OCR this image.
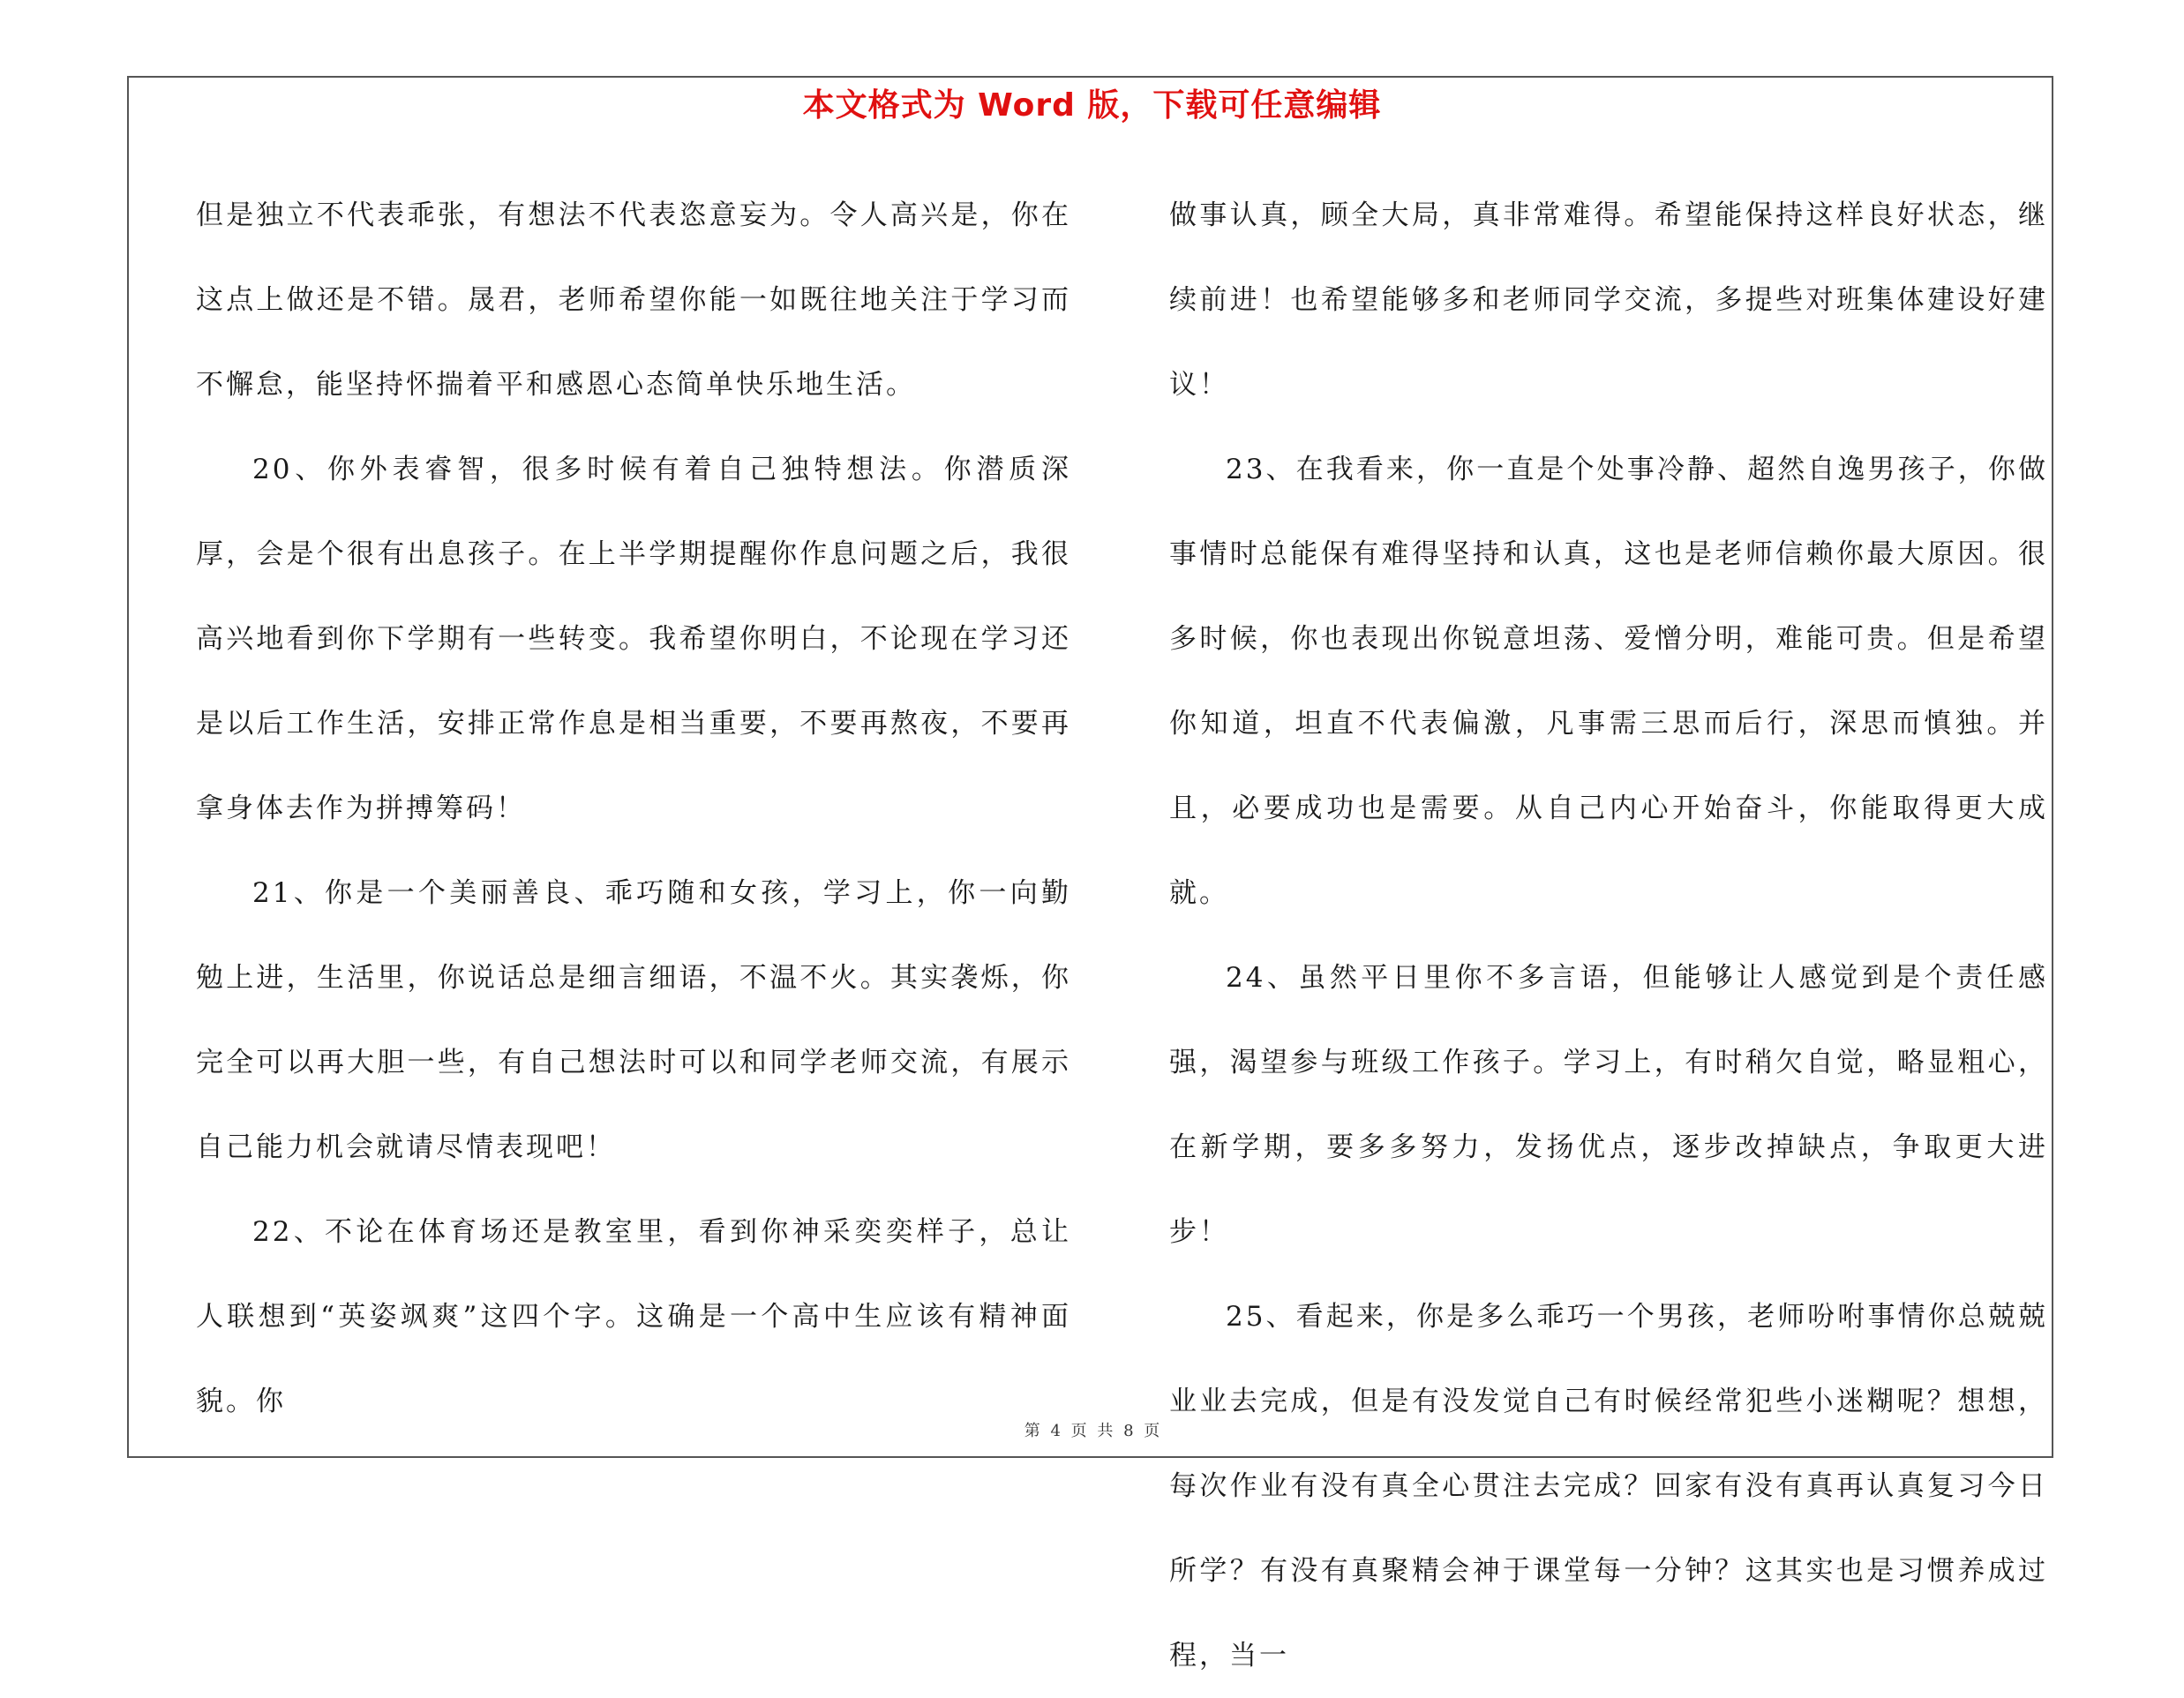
本文格式为 Word 版，下载可任意编辑

但是独立不代表乖张，有想法不代表恣意妄为。令人高兴是，你在这点上做还是不错。晟君，老师希望你能一如既往地关注于学习而不懈怠，能坚持怀揣着平和感恩心态简单快乐地生活。

20、你外表睿智，很多时候有着自己独特想法。你潜质深厚，会是个很有出息孩子。在上半学期提醒你作息问题之后，我很高兴地看到你下学期有一些转变。我希望你明白，不论现在学习还是以后工作生活，安排正常作息是相当重要，不要再熬夜，不要再拿身体去作为拼搏筹码！

21、你是一个美丽善良、乖巧随和女孩，学习上，你一向勤勉上进，生活里，你说话总是细言细语，不温不火。其实袭烁，你完全可以再大胆一些，有自己想法时可以和同学老师交流，有展示自己能力机会就请尽情表现吧！

22、不论在体育场还是教室里，看到你神采奕奕样子，总让人联想到“英姿飒爽”这四个字。这确是一个高中生应该有精神面貌。你

做事认真，顾全大局，真非常难得。希望能保持这样良好状态，继续前进！也希望能够多和老师同学交流，多提些对班集体建设好建议！

23、在我看来，你一直是个处事冷静、超然自逸男孩子，你做事情时总能保有难得坚持和认真，这也是老师信赖你最大原因。很多时候，你也表现出你锐意坦荡、爱憎分明，难能可贵。但是希望你知道，坦直不代表偏激，凡事需三思而后行，深思而慎独。并且，必要成功也是需要。从自己内心开始奋斗，你能取得更大成就。

24、虽然平日里你不多言语，但能够让人感觉到是个责任感强，渴望参与班级工作孩子。学习上，有时稍欠自觉，略显粗心，在新学期，要多多努力，发扬优点，逐步改掉缺点，争取更大进步！

25、看起来，你是多么乖巧一个男孩，老师吩咐事情你总兢兢业业去完成，但是有没发觉自己有时候经常犯些小迷糊呢？想想，每次作业有没有真全心贯注去完成？回家有没有真再认真复习今日所学？有没有真聚精会神于课堂每一分钟？这其实也是习惯养成过程，当一

第 4 页 共 8 页
